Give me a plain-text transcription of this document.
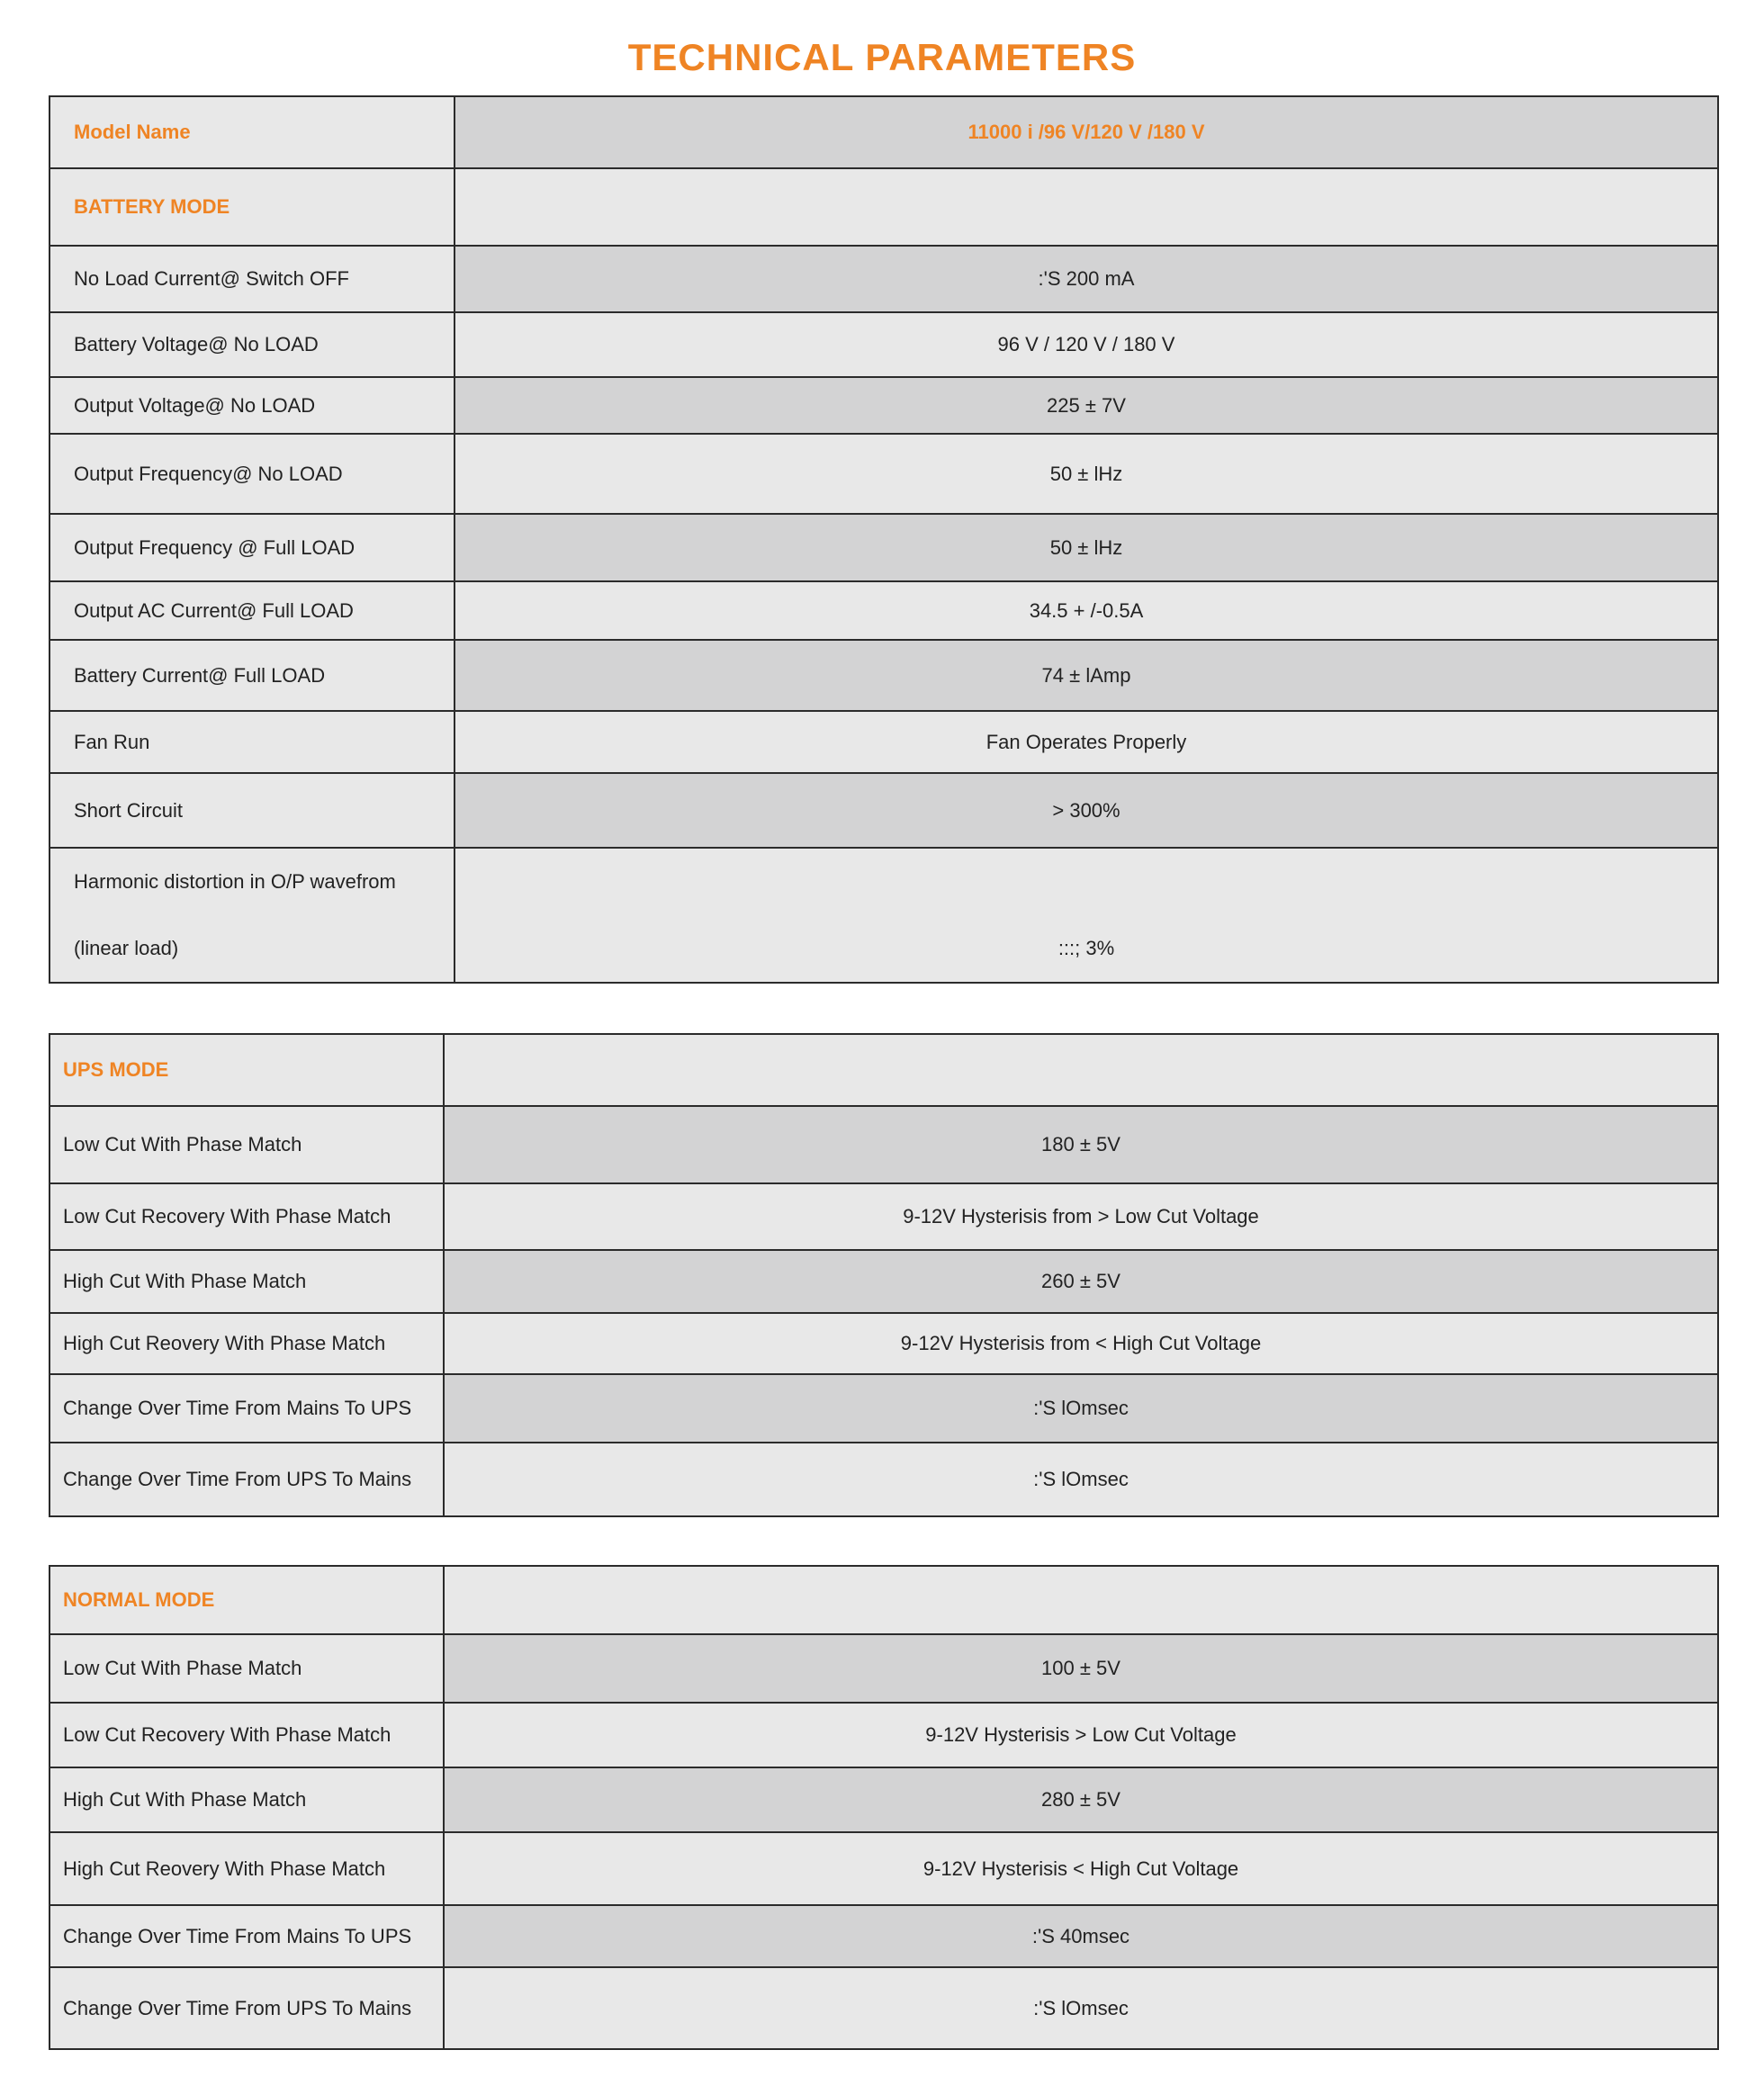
TECHNICAL PARAMETERS
Model Name	11000 i /96 V/120 V /180 V
BATTERY MODE	
No Load Current@ Switch OFF	:'S 200 mA
Battery Voltage@ No LOAD	96 V / 120 V / 180 V
Output Voltage@ No LOAD	225 ± 7V
Output Frequency@ No LOAD	50 ± lHz
Output Frequency @ Full LOAD	50 ± lHz
Output AC Current@ Full LOAD	34.5 + /-0.5A
Battery Current@ Full LOAD	74 ± lAmp
Fan Run	Fan Operates Properly
Short Circuit	> 300%

Harmonic distortion in O/P wavefrom
(linear load)	:::; 3%
UPS MODE	
Low Cut With Phase Match	180 ± 5V
Low Cut Recovery With Phase Match	9-12V Hysterisis from > Low Cut Voltage
High Cut With Phase Match	260 ± 5V
High Cut Reovery With Phase Match	9-12V Hysterisis from < High Cut Voltage
Change Over Time From Mains To UPS	:'S lOmsec
Change Over Time From UPS To Mains	:'S lOmsec
NORMAL MODE	
Low Cut With Phase Match	100 ± 5V
Low Cut Recovery With Phase Match	9-12V Hysterisis > Low Cut Voltage
High Cut With Phase Match	280 ± 5V
High Cut Reovery With Phase Match	9-12V Hysterisis < High Cut Voltage
Change Over Time From Mains To UPS	:'S 40msec
Change Over Time From UPS To Mains	:'S lOmsec
